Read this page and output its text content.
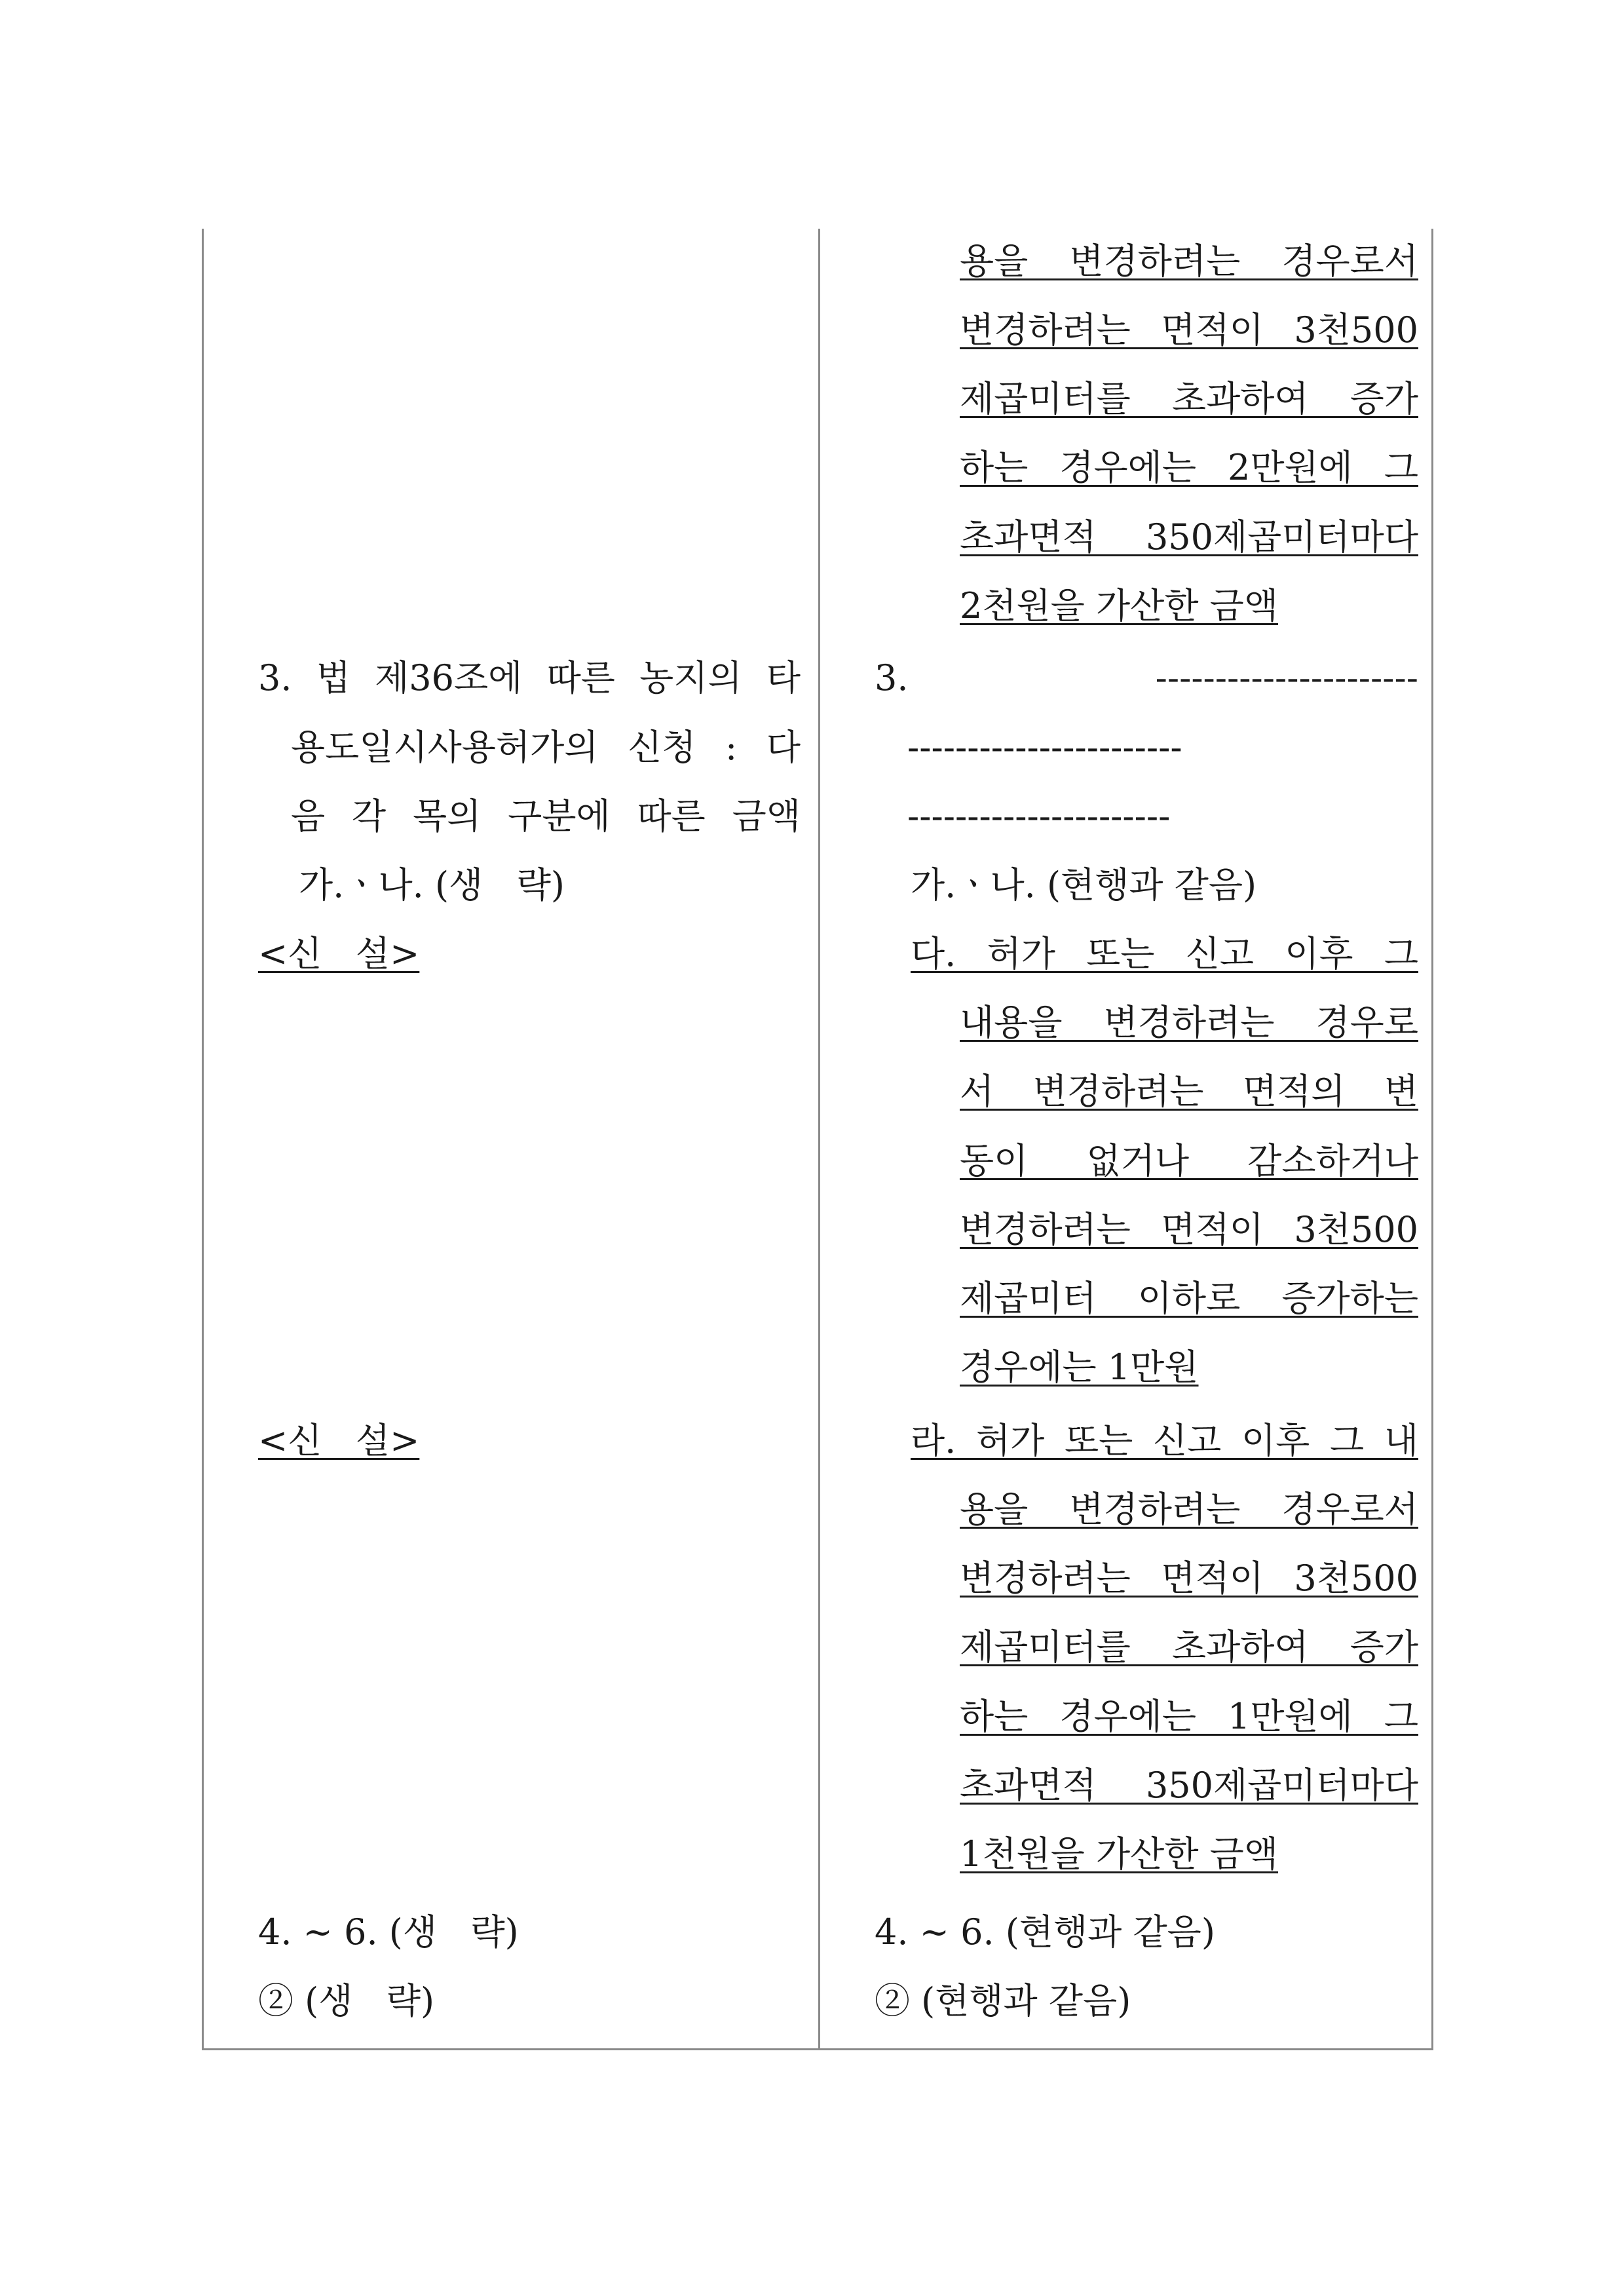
3. 법 제36조에 따른 농지의 타
용도일시사용허가의 신청 : 다
음 각 목의 구분에 따른 금액
가.ㆍ나. (생   략)
<신   설>
<신   설>
4. ∼ 6. (생   략)
② (생   략)
용을 변경하려는 경우로서
변경하려는 면적이 3천500
제곱미터를 초과하여 증가
하는 경우에는 2만원에 그
초과면적 350제곱미터마다
2천원을 가산한 금액
3. ----------------------
-----------------------
----------------------
가.ㆍ나. (현행과 같음)
다. 허가 또는 신고 이후 그
내용을 변경하려는 경우로
서 변경하려는 면적의 변
동이 없거나 감소하거나
변경하려는 면적이 3천500
제곱미터 이하로 증가하는
경우에는 1만원
라. 허가 또는 신고 이후 그 내
용을 변경하려는 경우로서
변경하려는 면적이 3천500
제곱미터를 초과하여 증가
하는 경우에는 1만원에 그
초과면적 350제곱미터마다
1천원을 가산한 금액
4. ∼ 6. (현행과 같음)
② (현행과 같음)
